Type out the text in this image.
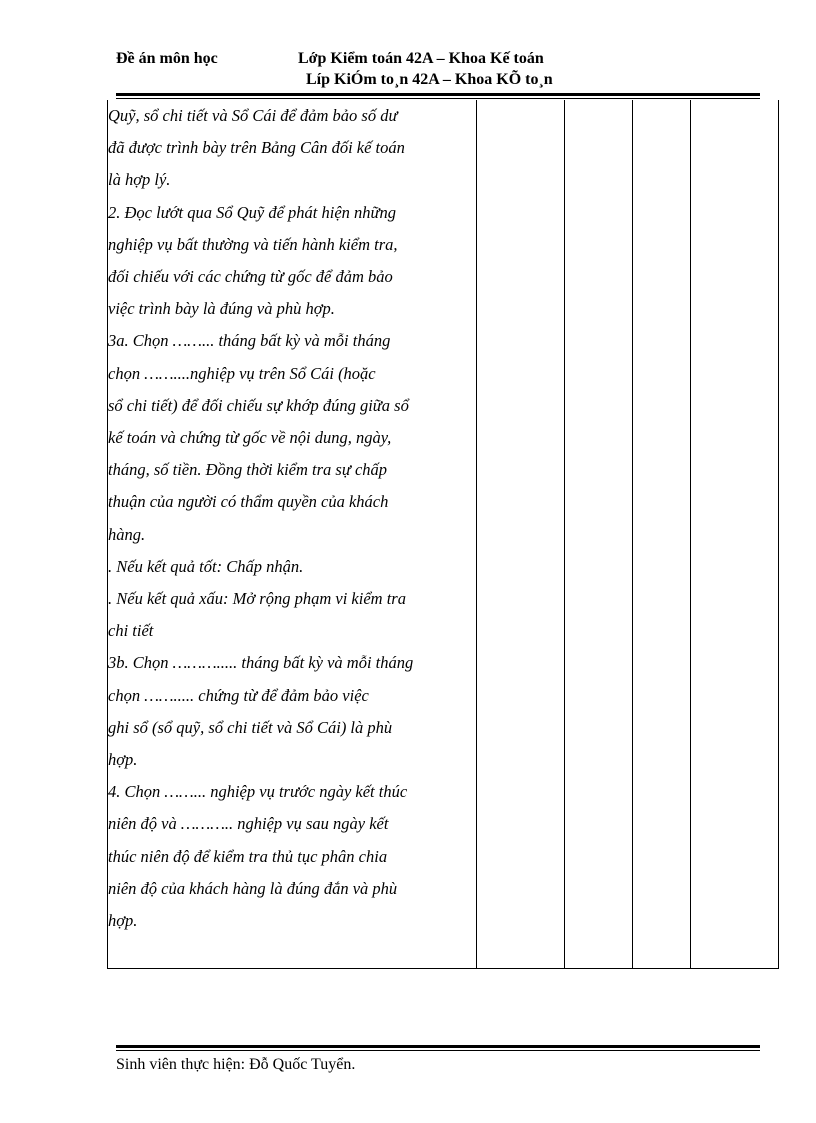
Đề án môn học	Lớp Kiểm toán 42A – Khoa Kế toán
Líp KiÓm to¸n 42A – Khoa KÕ to¸n

Quỹ, sổ chi tiết và Sổ Cái để đảm bảo số dư

đã được trình bày trên Bảng Cân đối kế toán

là hợp lý.

2. Đọc lướt qua Sổ Quỹ để phát hiện những

nghiệp vụ bất thường và tiến hành kiểm tra,

đối chiếu với các chứng từ gốc để đảm bảo

việc trình bày là đúng và phù hợp.

3a. Chọn ……... tháng bất kỳ và mỗi tháng

chọn ……....nghiệp vụ trên Sổ Cái (hoặc

sổ chi tiết) để đối chiếu sự khớp đúng giữa sổ

kế toán và chứng từ gốc về nội dung, ngày,

tháng, số tiền. Đồng thời kiểm tra sự chấp

thuận của người có thẩm quyền của khách

hàng.

. Nếu kết quả tốt: Chấp nhận.

. Nếu kết quả xấu: Mở rộng phạm vi kiểm tra

chi tiết

3b. Chọn ………..... tháng bất kỳ và mỗi tháng

chọn ……..... chứng từ để đảm bảo việc

ghi sổ (sổ quỹ, sổ chi tiết và Sổ Cái) là phù

hợp.

4. Chọn ……... nghiệp vụ trước ngày kết thúc

niên độ và ……….. nghiệp vụ sau ngày kết

thúc niên độ để kiểm tra thủ tục phân chia

niên độ của khách hàng là đúng đắn và phù

hợp.

Sinh viên thực hiện: Đỗ Quốc Tuyển.
